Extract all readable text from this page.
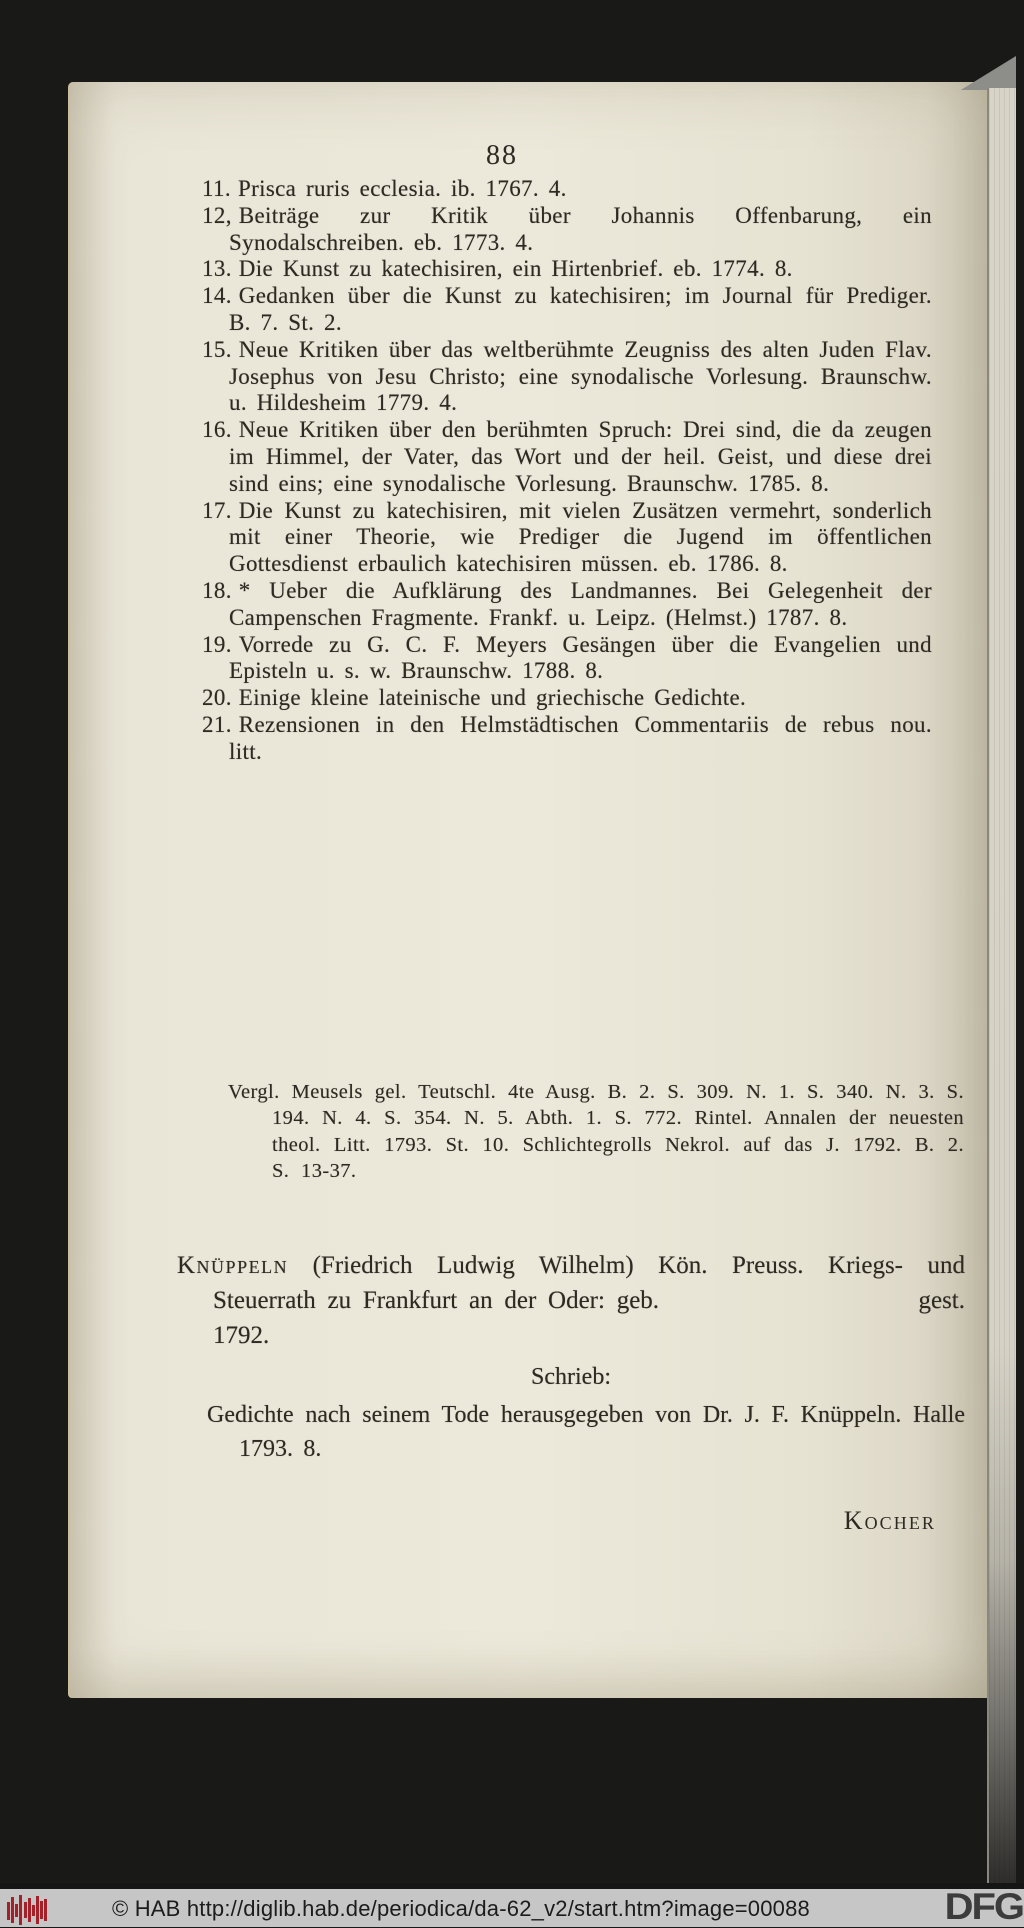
88

11. Prisca ruris ecclesia. ib. 1767. 4.

12, Beiträge zur Kritik über Johannis Offenbarung, ein Synodalschreiben. eb. 1773. 4.

13. Die Kunst zu katechisiren, ein Hirtenbrief. eb. 1774. 8.

14. Gedanken über die Kunst zu katechisiren; im Journal für Prediger. B. 7. St. 2.

15. Neue Kritiken über das weltberühmte Zeugniss des alten Juden Flav. Josephus von Jesu Christo; eine synodalische Vorlesung. Braunschw. u. Hildesheim 1779. 4.

16. Neue Kritiken über den berühmten Spruch: Drei sind, die da zeugen im Himmel, der Vater, das Wort und der heil. Geist, und diese drei sind eins; eine synodalische Vorlesung. Braunschw. 1785. 8.

17. Die Kunst zu katechisiren, mit vielen Zusätzen vermehrt, sonderlich mit einer Theorie, wie Prediger die Jugend im öffentlichen Gottesdienst erbaulich katechisiren müssen. eb. 1786. 8.

18. * Ueber die Aufklärung des Landmannes. Bei Gelegenheit der Campenschen Fragmente. Frankf. u. Leipz. (Helmst.) 1787. 8.

19. Vorrede zu G. C. F. Meyers Gesängen über die Evangelien und Episteln u. s. w. Braunschw. 1788. 8.

20. Einige kleine lateinische und griechische Gedichte.

21. Rezensionen in den Helmstädtischen Commentariis de rebus nou. litt.

Vergl. Meusels gel. Teutschl. 4te Ausg. B. 2. S. 309. N. 1. S. 340. N. 3. S. 194. N. 4. S. 354. N. 5. Abth. 1. S. 772. Rintel. Annalen der neuesten theol. Litt. 1793. St. 10. Schlichtegrolls Nekrol. auf das J. 1792. B. 2. S. 13-37.

Knüppeln (Friedrich Ludwig Wilhelm) Kön. Preuss. Kriegs- und Steuerrath zu Frankfurt an der Oder: geb.	gest.

1792.

Schrieb:

Gedichte nach seinem Tode herausgegeben von Dr. J. F. Knüppeln. Halle 1793. 8.

Kocher
© HAB http://diglib.hab.de/periodica/da-62_v2/start.htm?image=00088	DFG
